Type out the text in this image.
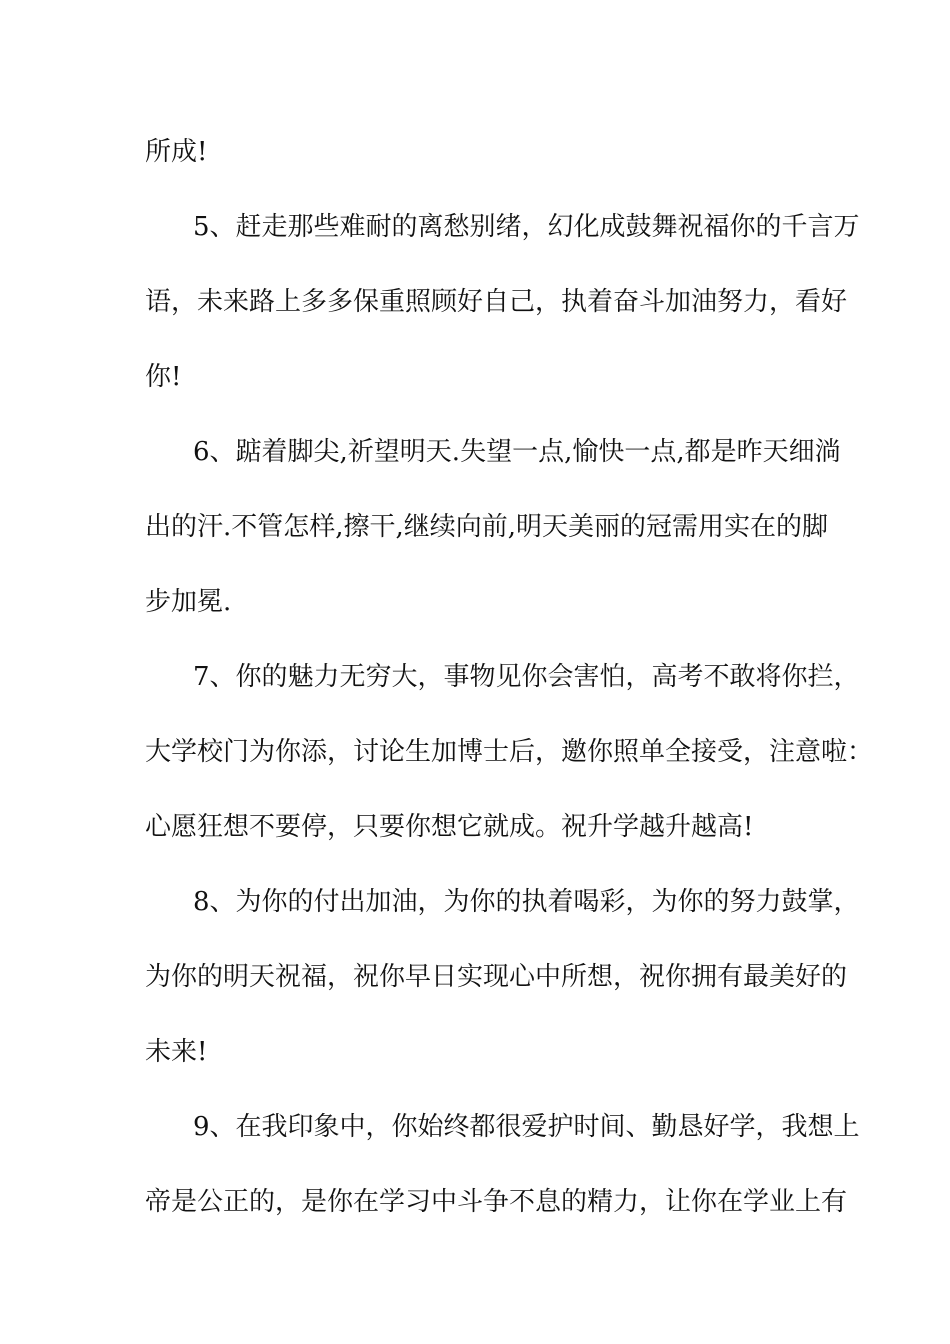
所成!
5、赶走那些难耐的离愁别绪，幻化成鼓舞祝福你的千言万
语，未来路上多多保重照顾好自己，执着奋斗加油努力，看好
你!
6、踮着脚尖,祈望明天.失望一点,愉快一点,都是昨天细淌
出的汗.不管怎样,擦干,继续向前,明天美丽的冠需用实在的脚
步加冕.
7、你的魅力无穷大，事物见你会害怕，高考不敢将你拦，
大学校门为你添，讨论生加博士后，邀你照单全接受，注意啦：
心愿狂想不要停，只要你想它就成。祝升学越升越高!
8、为你的付出加油，为你的执着喝彩，为你的努力鼓掌，
为你的明天祝福，祝你早日实现心中所想，祝你拥有最美好的
未来!
9、在我印象中，你始终都很爱护时间、勤恳好学，我想上
帝是公正的，是你在学习中斗争不息的精力，让你在学业上有
